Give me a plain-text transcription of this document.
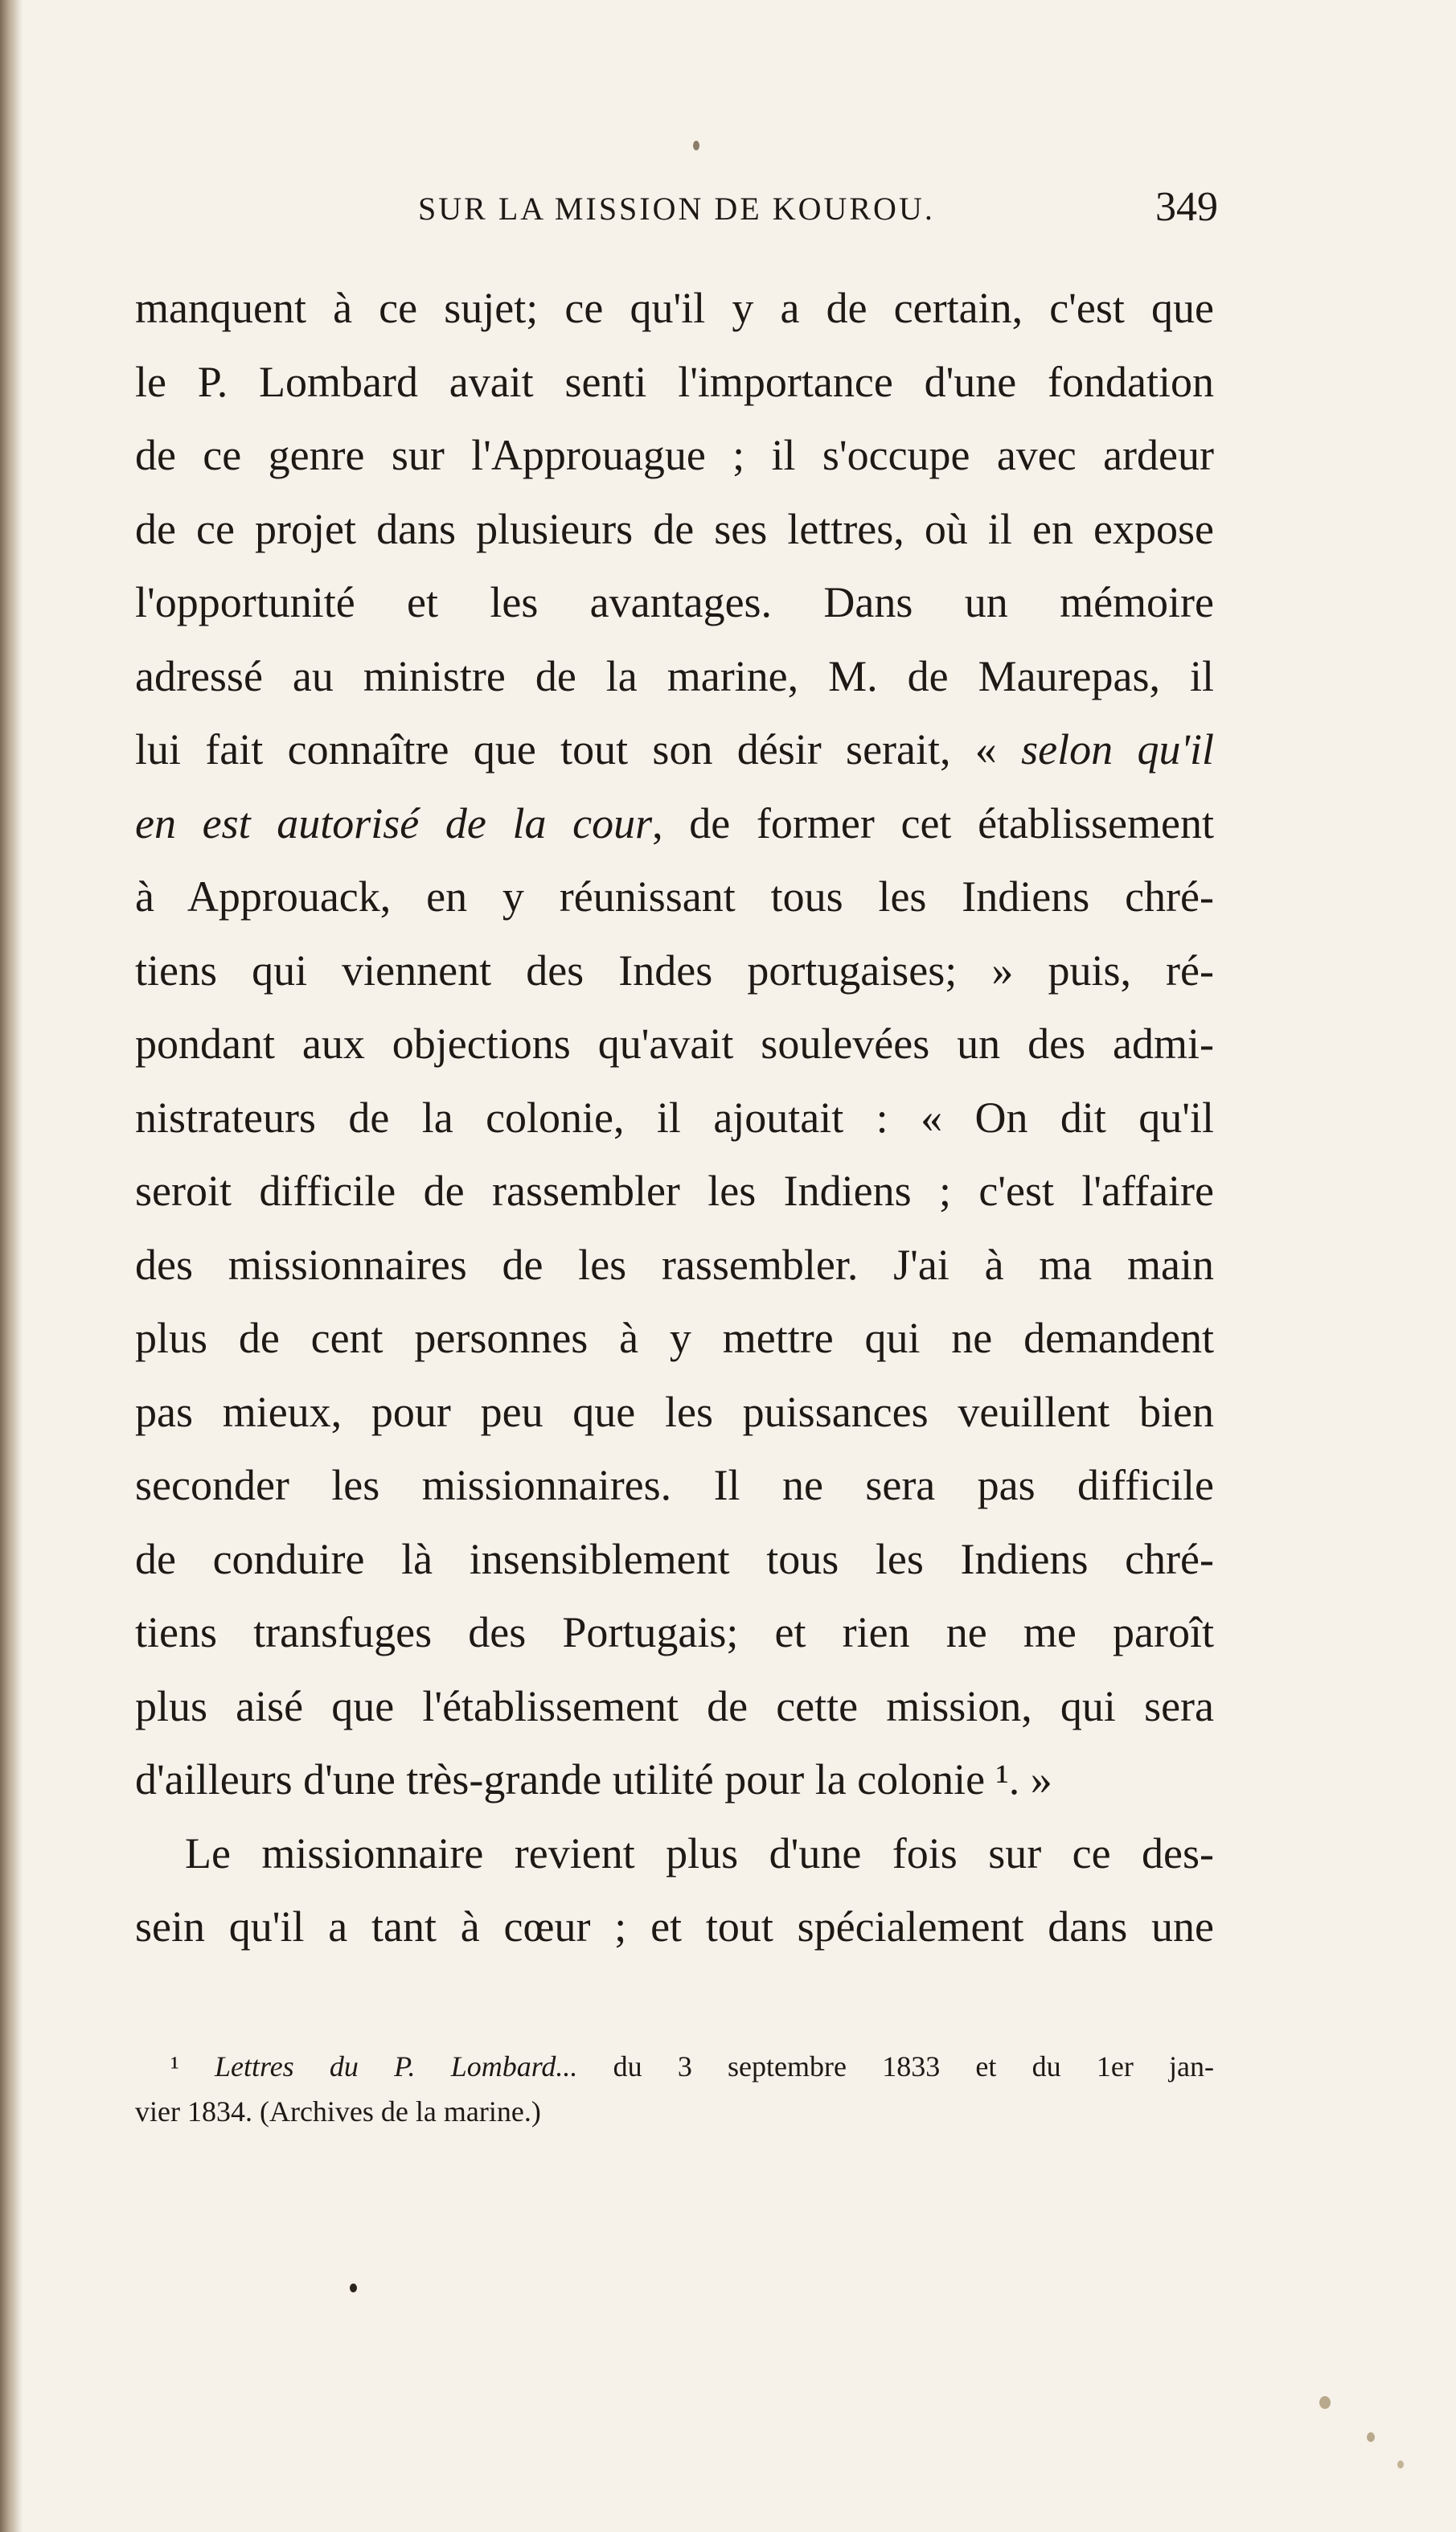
SUR LA MISSION DE KOUROU.	349
manquent à ce sujet; ce qu'il y a de certain, c'est que
le P. Lombard avait senti l'importance d'une fondation
de ce genre sur l'Approuague ; il s'occupe avec ardeur
de ce projet dans plusieurs de ses lettres, où il en expose
l'opportunité et les avantages. Dans un mémoire
adressé au ministre de la marine, M. de Maurepas, il
lui fait connaître que tout son désir serait, « selon qu'il
en est autorisé de la cour, de former cet établissement
à Approuack, en y réunissant tous les Indiens chré-
tiens qui viennent des Indes portugaises; » puis, ré-
pondant aux objections qu'avait soulevées un des admi-
nistrateurs de la colonie, il ajoutait : « On dit qu'il
seroit difficile de rassembler les Indiens ; c'est l'affaire
des missionnaires de les rassembler. J'ai à ma main
plus de cent personnes à y mettre qui ne demandent
pas mieux, pour peu que les puissances veuillent bien
seconder les missionnaires. Il ne sera pas difficile
de conduire là insensiblement tous les Indiens chré-
tiens transfuges des Portugais; et rien ne me paroît
plus aisé que l'établissement de cette mission, qui sera
d'ailleurs d'une très-grande utilité pour la colonie ¹. »
Le missionnaire revient plus d'une fois sur ce des-
sein qu'il a tant à cœur ; et tout spécialement dans une
¹ Lettres du P. Lombard... du 3 septembre 1833 et du 1er jan-
vier 1834. (Archives de la marine.)
